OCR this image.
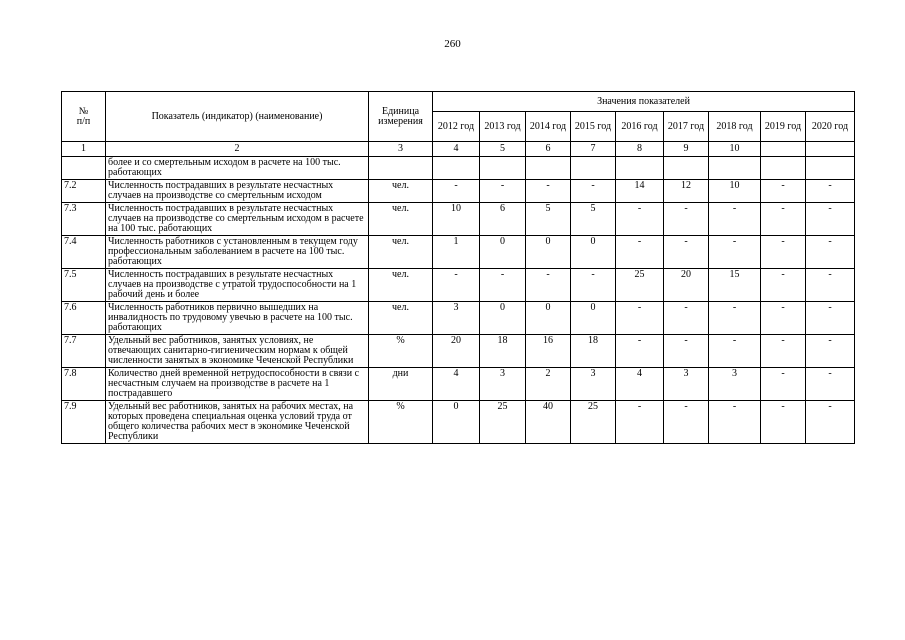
260
№
п/п	Показатель (индикатор) (наименование)	Единица измерения	Значения показателей								
			2012 год	2013 год	2014 год	2015 год	2016 год	2017 год	2018 год	2019 год	2020 год
1	2	3	4	5	6	7	8	9	10		
	более и со смертельным исходом в расчете на 100 тыс. работающих										
7.2	Численность пострадавших в результате несчастных случаев на производстве со смертельным исходом	чел.	-	-	-	-	14	12	10	-	-
7.3	Численность пострадавших в результате несчастных случаев на производстве со смертельным исходом в расчете на 100 тыс. работающих	чел.	10	6	5	5	-	-	-	-	-
7.4	Численность работников с установленным в текущем году профессиональным заболеванием в расчете на 100 тыс. работающих	чел.	1	0	0	0	-	-	-	-	-
7.5	Численность пострадавших в результате несчастных случаев на производстве с утратой трудоспособности на 1 рабочий день и более	чел.	-	-	-	-	25	20	15	-	-
7.6	Численность работников первично вышедших на инвалидность по трудовому увечью в расчете на 100 тыс. работающих	чел.	3	0	0	0	-	-	-	-	-
7.7	Удельный вес работников, занятых условиях, не отвечающих санитарно-гигиеническим нормам к общей численности занятых в экономике Чеченской Республики	%	20	18	16	18	-	-	-	-	-
7.8	Количество дней временной нетрудоспособности в связи с несчастным случаем на производстве в расчете на 1 пострадавшего	дни	4	3	2	3	4	3	3	-	-
7.9	Удельный вес работников, занятых на рабочих местах, на которых проведена специальная оценка условий труда от общего количества рабочих мест в экономике Чеченской Республики	%	0	25	40	25	-	-	-	-	-
